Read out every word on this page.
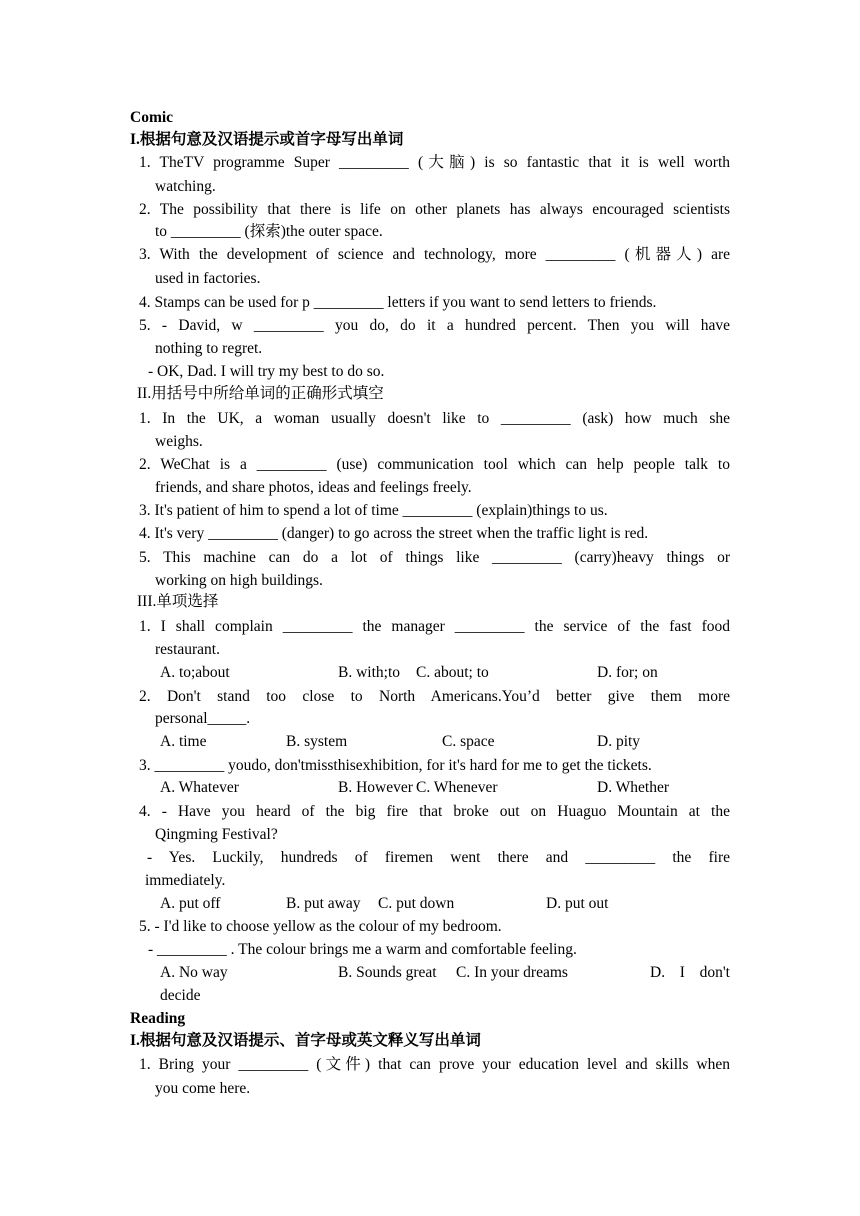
Comic
I.根据句意及汉语提示或首字母写出单词
1. TheTV programme Super _________ (大脑) is so fantastic that it is well worth
watching.
2. The possibility that there is life on other planets has always encouraged scientists
to _________ (探索)the outer space.
3. With the development of science and technology, more _________ (机器人) are
used in factories.
4. Stamps can be used for p _________ letters if you want to send letters to friends.
5. - David, w _________ you do, do it a hundred percent. Then you will have
nothing to regret.
- OK, Dad. I will try my best to do so.
II.用括号中所给单词的正确形式填空
1. In the UK, a woman usually doesn't like to _________ (ask) how much she
weighs.
2. WeChat is a _________ (use) communication tool which can help people talk to
friends, and share photos, ideas and feelings freely.
3. It's patient of him to spend a lot of time _________ (explain)things to us.
4. It's very _________ (danger) to go across the street when the traffic light is red.
5. This machine can do a lot of things like _________ (carry)heavy things or
working on high buildings.
III.单项选择
1. I shall complain _________ the manager _________ the service of the fast food
restaurant.
A. to;about	B. with;to C. about; to	D. for; on
2. Don't stand too close to North Americans.You’d better give them more
personal_____.
A. time	B. system	C. space	D. pity
3. _________ youdo, don'tmissthisexhibition, for it's hard for me to get the tickets.
A. Whatever	B. However C. Whenever	D. Whether
4. - Have you heard of the big fire that broke out on Huaguo Mountain at the
Qingming Festival?
- Yes. Luckily, hundreds of firemen went there and _________ the fire
immediately.
A. put off	B. put away C. put down	D. put out
5. - I'd like to choose yellow as the colour of my bedroom.
- _________ . The colour brings me a warm and comfortable feeling.
A. No way	B. Sounds great C. In your dreams	D. I don't
decide
Reading
I.根据句意及汉语提示、首字母或英文释义写出单词
1. Bring your _________ (文件) that can prove your education level and skills when
you come here.
